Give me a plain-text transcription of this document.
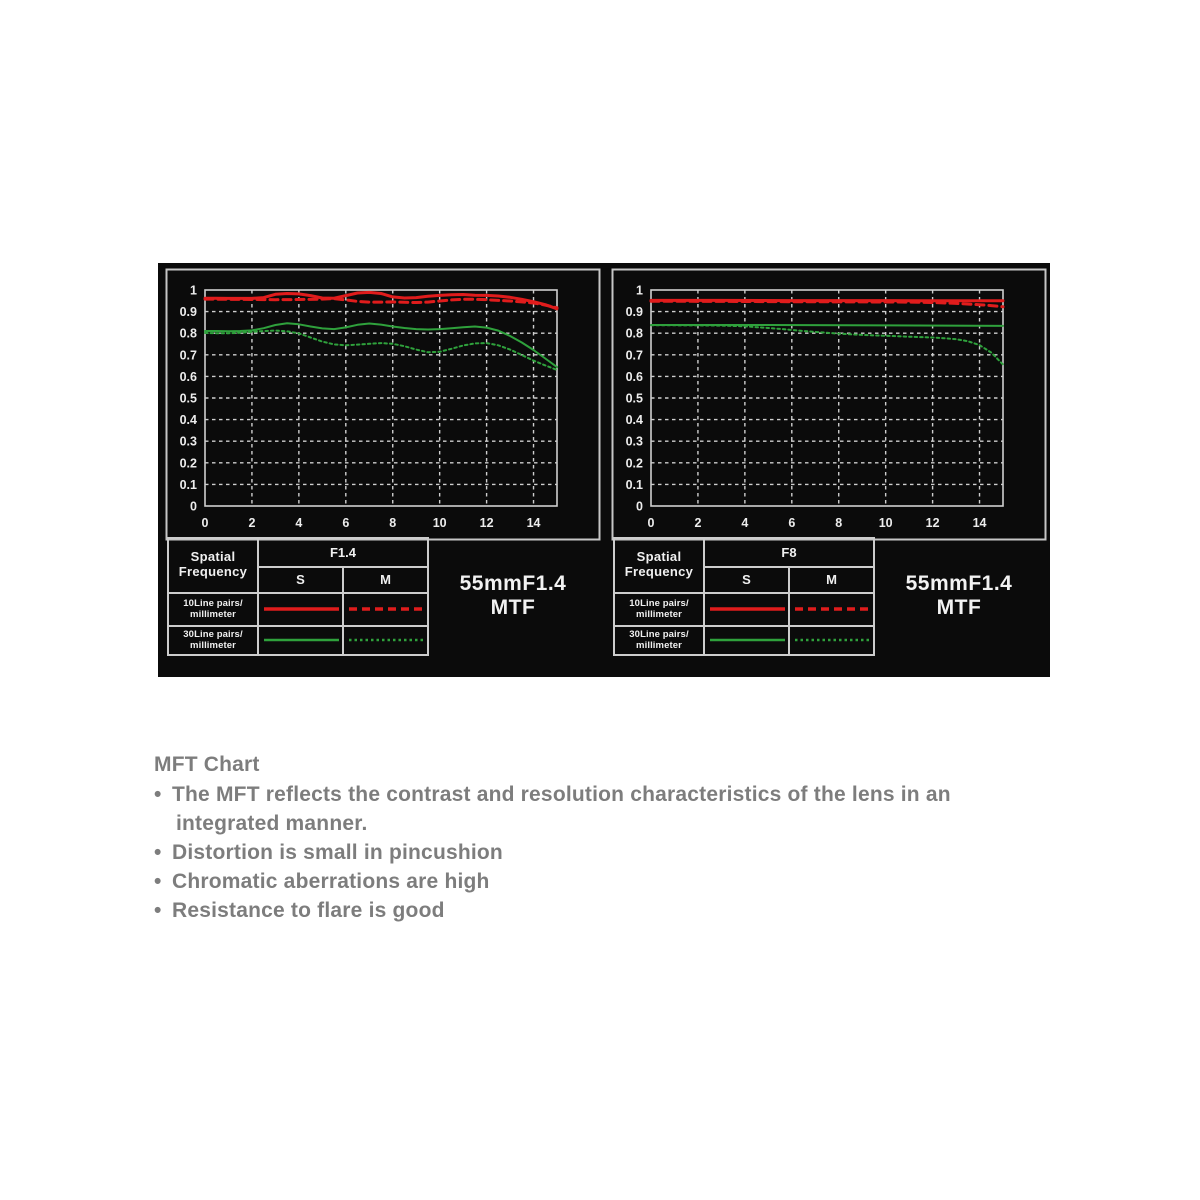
1
0.9
0.8
0.7
0.6
0.5
0.4
0.3
0.2
0.1
0
0	2	4	6	8	10	12	14
Spatial
Frequency	F1.4	
	S	M

10Line pairs/
millimeter

30Line pairs/
millimeter

55mmF1.4
MTF
1
0.9
0.8
0.7
0.6
0.5
0.4
0.3
0.2
0.1
0
0	2	4	6	8	10	12	14
Spatial
Frequency	F8	
	S	M

10Line pairs/
millimeter

30Line pairs/
millimeter

55mmF1.4
MTF
MFT Chart
• The MFT reflects the contrast and resolution characteristics of the lens in an
integrated manner.
• Distortion is small in pincushion
• Chromatic aberrations are high
• Resistance to flare is good
